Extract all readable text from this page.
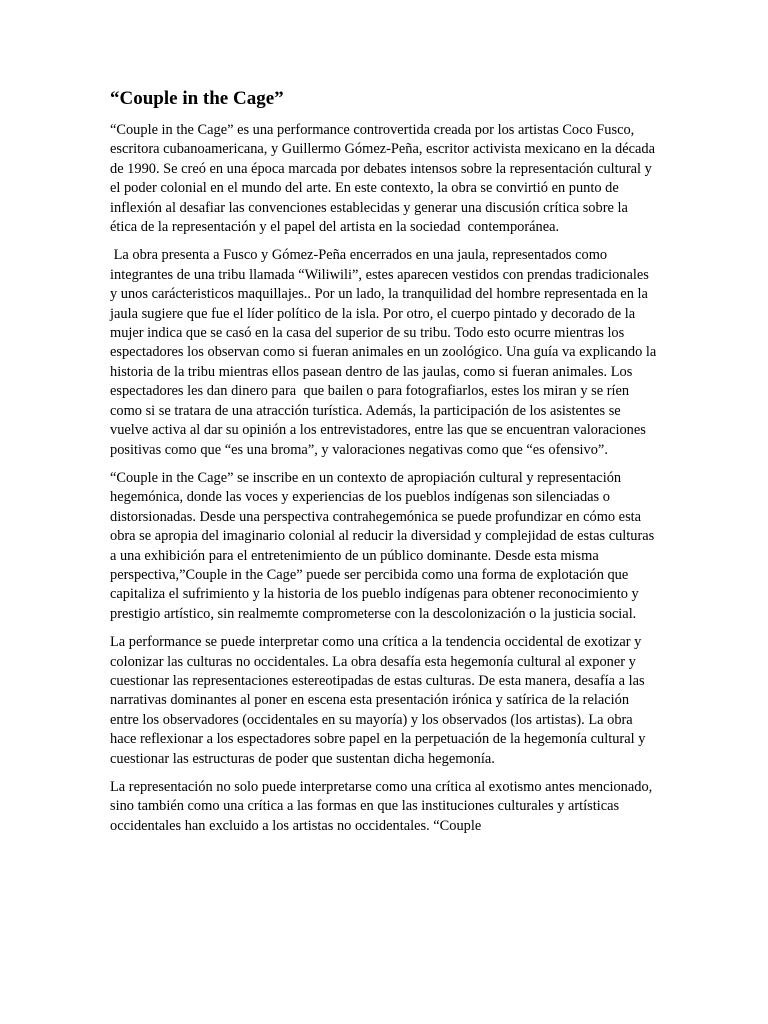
“Couple in the Cage”

“Couple in the Cage” es una performance controvertida creada por los artistas Coco Fusco, escritora cubanoamericana, y Guillermo Gómez-Peña, escritor activista mexicano en la década de 1990. Se creó en una época marcada por debates intensos sobre la representación cultural y el poder colonial en el mundo del arte. En este contexto, la obra se convirtió en punto de inflexión al desafiar las convenciones establecidas y generar una discusión crítica sobre la ética de la representación y el papel del artista en la sociedad  contemporánea.

La obra presenta a Fusco y Gómez-Peña encerrados en una jaula, representados como integrantes de una tribu llamada “Wiliwili”, estes aparecen vestidos con prendas tradicionales y unos carácteristicos maquillajes.. Por un lado, la tranquilidad del hombre representada en la jaula sugiere que fue el líder político de la isla. Por otro, el cuerpo pintado y decorado de la mujer indica que se casó en la casa del superior de su tribu. Todo esto ocurre mientras los espectadores los observan como si fueran animales en un zoológico. Una guía va explicando la historia de la tribu mientras ellos pasean dentro de las jaulas, como si fueran animales. Los espectadores les dan dinero para  que bailen o para fotografiarlos, estes los miran y se ríen como si se tratara de una atracción turística. Además, la participación de los asistentes se vuelve activa al dar su opinión a los entrevistadores, entre las que se encuentran valoraciones positivas como que “es una broma”, y valoraciones negativas como que “es ofensivo”.

“Couple in the Cage” se inscribe en un contexto de apropiación cultural y representación hegemónica, donde las voces y experiencias de los pueblos indígenas son silenciadas o distorsionadas. Desde una perspectiva contrahegemónica se puede profundizar en cómo esta obra se apropia del imaginario colonial al reducir la diversidad y complejidad de estas culturas a una exhibición para el entretenimiento de un público dominante. Desde esta misma perspectiva,”Couple in the Cage” puede ser percibida como una forma de explotación que capitaliza el sufrimiento y la historia de los pueblo indígenas para obtener reconocimiento y prestigio artístico, sin realmemte comprometerse con la descolonización o la justicia social.

La performance se puede interpretar como una crítica a la tendencia occidental de exotizar y colonizar las culturas no occidentales. La obra desafía esta hegemonía cultural al exponer y cuestionar las representaciones estereotipadas de estas culturas. De esta manera, desafía a las narrativas dominantes al poner en escena esta presentación irónica y satírica de la relación entre los observadores (occidentales en su mayoría) y los observados (los artistas). La obra hace reflexionar a los espectadores sobre papel en la perpetuación de la hegemonía cultural y cuestionar las estructuras de poder que sustentan dicha hegemonía.

La representación no solo puede interpretarse como una crítica al exotismo antes mencionado, sino también como una crítica a las formas en que las instituciones culturales y artísticas occidentales han excluido a los artistas no occidentales. “Couple
